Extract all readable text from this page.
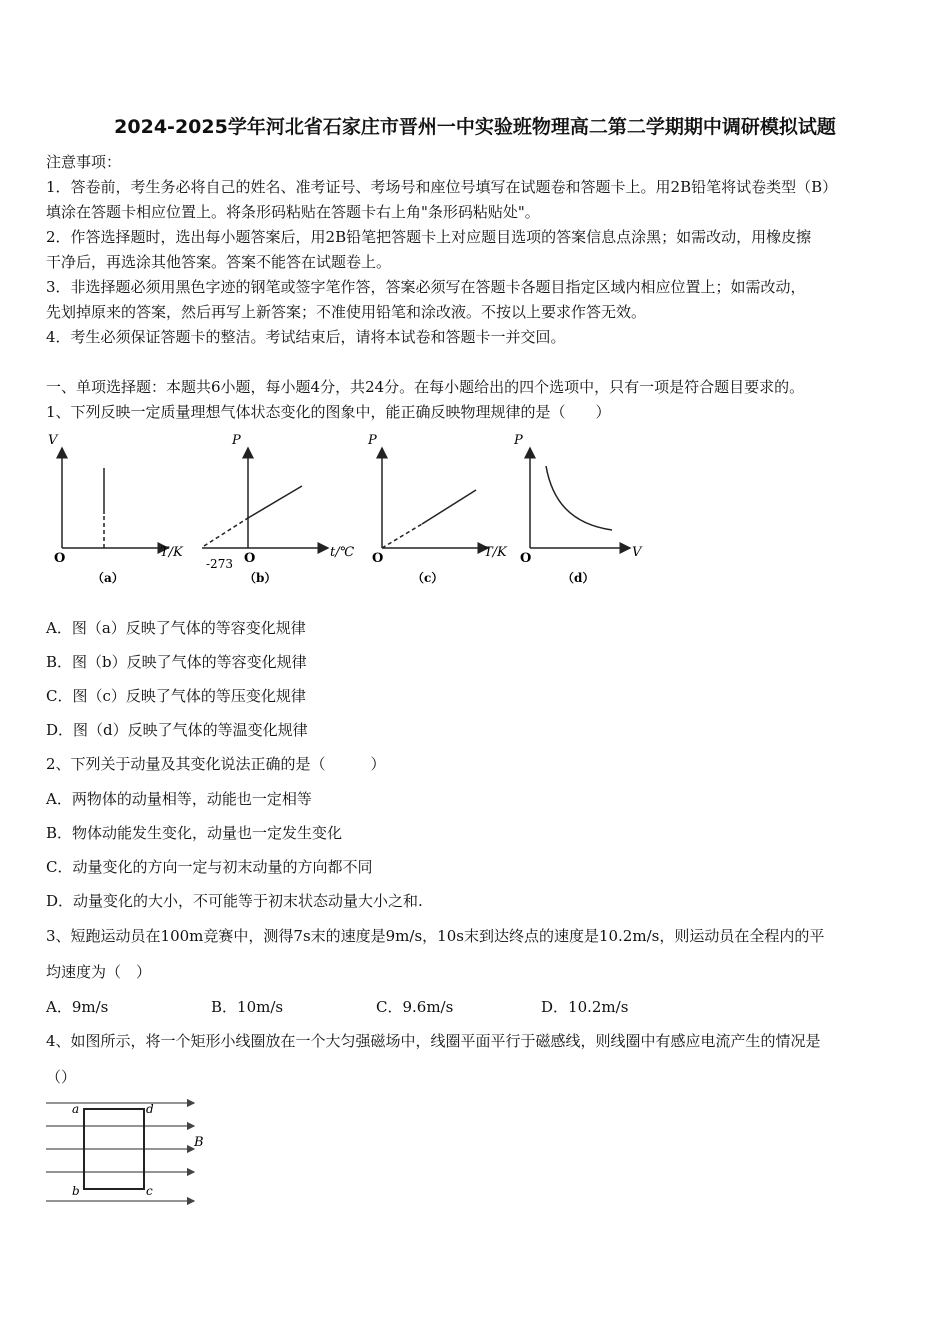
2024-2025学年河北省石家庄市晋州一中实验班物理高二第二学期期中调研模拟试题
注意事项：
1．答卷前，考生务必将自己的姓名、准考证号、考场号和座位号填写在试题卷和答题卡上。用2B铅笔将试卷类型（B）
填涂在答题卡相应位置上。将条形码粘贴在答题卡右上角"条形码粘贴处"。
2．作答选择题时，选出每小题答案后，用2B铅笔把答题卡上对应题目选项的答案信息点涂黑；如需改动，用橡皮擦
干净后，再选涂其他答案。答案不能答在试题卷上。
3．非选择题必须用黑色字迹的钢笔或签字笔作答，答案必须写在答题卡各题目指定区域内相应位置上；如需改动，
先划掉原来的答案，然后再写上新答案；不准使用铅笔和涂改液。不按以上要求作答无效。
4．考生必须保证答题卡的整洁。考试结束后，请将本试卷和答题卡一并交回。
一、单项选择题：本题共6小题，每小题4分，共24分。在每小题给出的四个选项中，只有一项是符合题目要求的。
1、下列反映一定质量理想气体状态变化的图象中，能正确反映物理规律的是（　　）
V
T/K
O
（a）
P
t/℃
O
-273
（b）
P
T/K
O
（c）
P
V
O
（d）
A．图（a）反映了气体的等容变化规律
B．图（b）反映了气体的等容变化规律
C．图（c）反映了气体的等压变化规律
D．图（d）反映了气体的等温变化规律
2、下列关于动量及其变化说法正确的是（　　　）
A．两物体的动量相等，动能也一定相等
B．物体动能发生变化，动量也一定发生变化
C．动量变化的方向一定与初末动量的方向都不同
D．动量变化的大小，不可能等于初末状态动量大小之和.
3、短跑运动员在100m竞赛中，测得7s末的速度是9m/s，10s末到达终点的速度是10.2m/s，则运动员在全程内的平
均速度为（　）
A．9m/s	B．10m/s	C．9.6m/s	D．10.2m/s
4、如图所示，将一个矩形小线圈放在一个大匀强磁场中，线圈平面平行于磁感线，则线圈中有感应电流产生的情况是
（）
a	d
b	c
B
